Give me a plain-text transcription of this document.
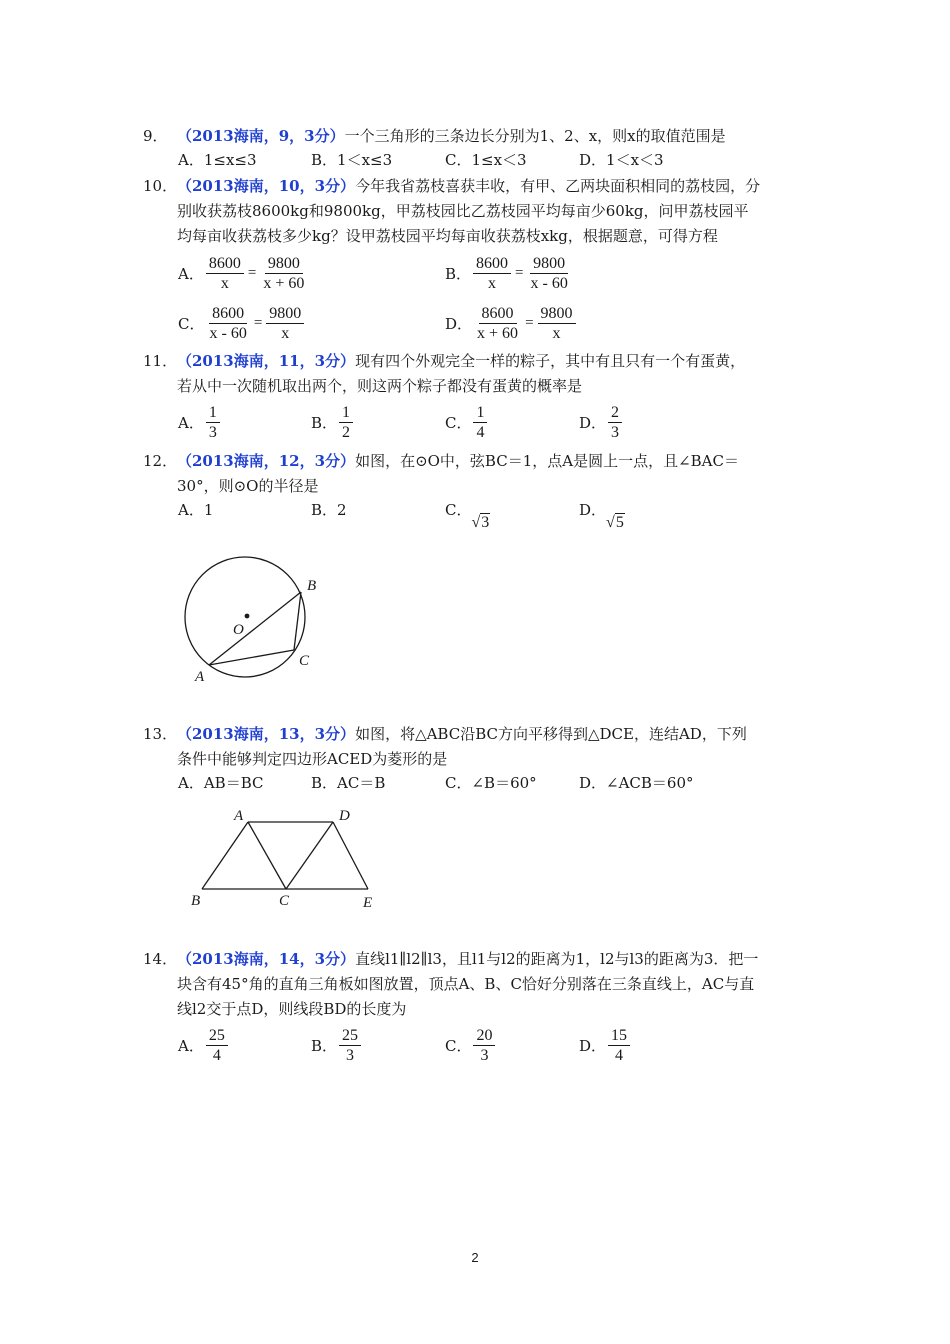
9． （2013海南，9，3分）一个三角形的三条边长分别为1、2、x，则x的取值范围是
A．1≤x≤3	B．1＜x≤3	C．1≤x＜3	D．1＜x＜3
10．（2013海南，10，3分）今年我省荔枝喜获丰收，有甲、乙两块面积相同的荔枝园，分

别收获荔枝8600kg和9800kg，甲荔枝园比乙荔枝园平均每亩少60kg，问甲荔枝园平
均每亩收获荔枝多少kg？设甲荔枝园平均每亩收获荔枝xkg，根据题意，可得方程
A． $\frac{8600}{x} = \frac{9800}{x + 60}$	B． $\frac{8600}{x} = \frac{9800}{x - 60}$
C． $\frac{8600}{x - 60} = \frac{9800}{x}$	D． $\frac{8600}{x + 60} = \frac{9800}{x}$
11．（2013海南，11，3分）现有四个外观完全一样的粽子，其中有且只有一个有蛋黄，

若从中一次随机取出两个，则这两个粽子都没有蛋黄的概率是
A． $\frac{1}{3}$	B． $\frac{1}{2}$	C． $\frac{1}{4}$	D． $\frac{2}{3}$
12．（2013海南，12，3分）如图，在⊙O中，弦BC＝1，点A是圆上一点，且∠BAC＝

30°，则⊙O的半径是
A．1	B．2	C．√3
D．√5
B
O
C
A
13．（2013海南，13，3分）如图，将△ABC沿BC方向平移得到△DCE，连结AD，下列

条件中能够判定四边形ACED为菱形的是
A．AB＝BC	B．AC＝B	C．∠B＝60°	D．∠ACB＝60°
A	D
B	C	E
14．（2013海南，14，3分）直线l1∥l2∥l3，且l1与l2的距离为1，l2与l3的距离为3．把一

块含有45°角的直角三角板如图放置，顶点A、B、C恰好分别落在三条直线上，AC与直
线l2交于点D，则线段BD的长度为
A． $\frac{25}{4}$	B． $\frac{25}{3}$	C． $\frac{20}{3}$	D． $\frac{15}{4}$
2
